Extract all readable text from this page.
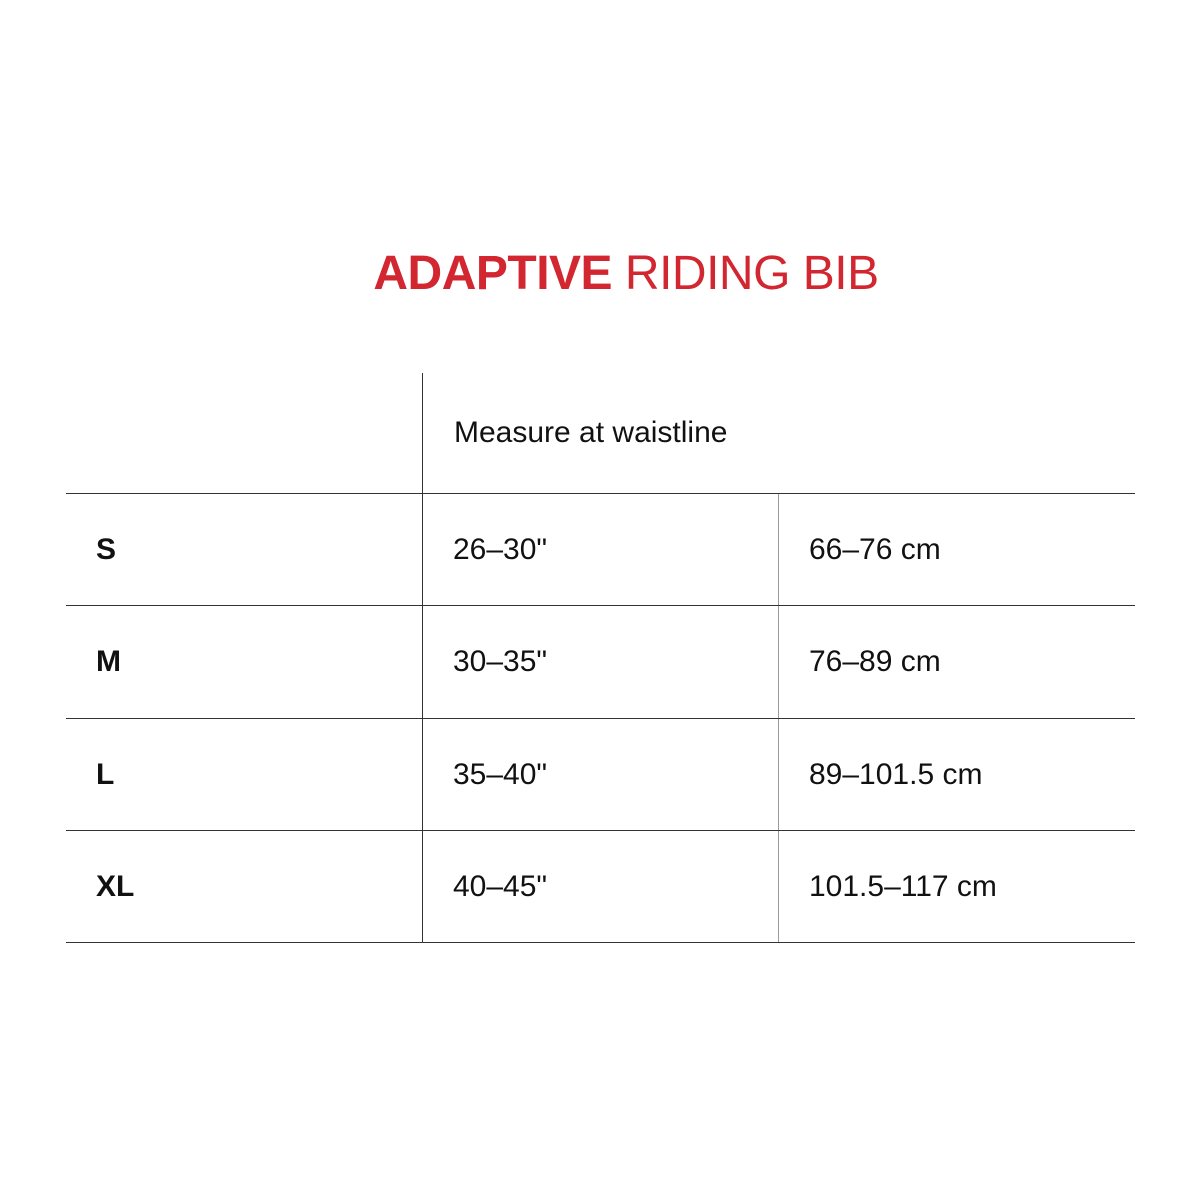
ADAPTIVE RIDING BIB
Measure at waistline
S	26–30"	66–76 cm
M	30–35"	76–89 cm
L	35–40"	89–101.5 cm
XL	40–45"	101.5–117 cm
